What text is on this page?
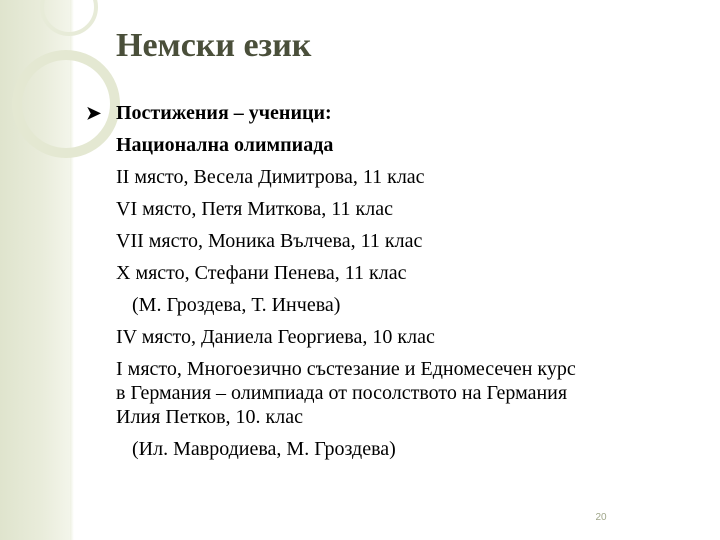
Немски език
➤ Постижения – ученици:
Национална олимпиада
II място, Весела Димитрова, 11 клас
VI място, Петя Миткова, 11 клас
VII място, Моника Вълчева, 11 клас
X място, Стефани Пенева, 11 клас
(М. Гроздева, Т. Инчева)
IV място, Даниела Георгиева, 10 клас
I място, Многоезично състезание и Едномесечен курс
в Германия – олимпиада от посолството на Германия
Илия Петков, 10. клас
(Ил. Мавродиева, М. Гроздева)
20
